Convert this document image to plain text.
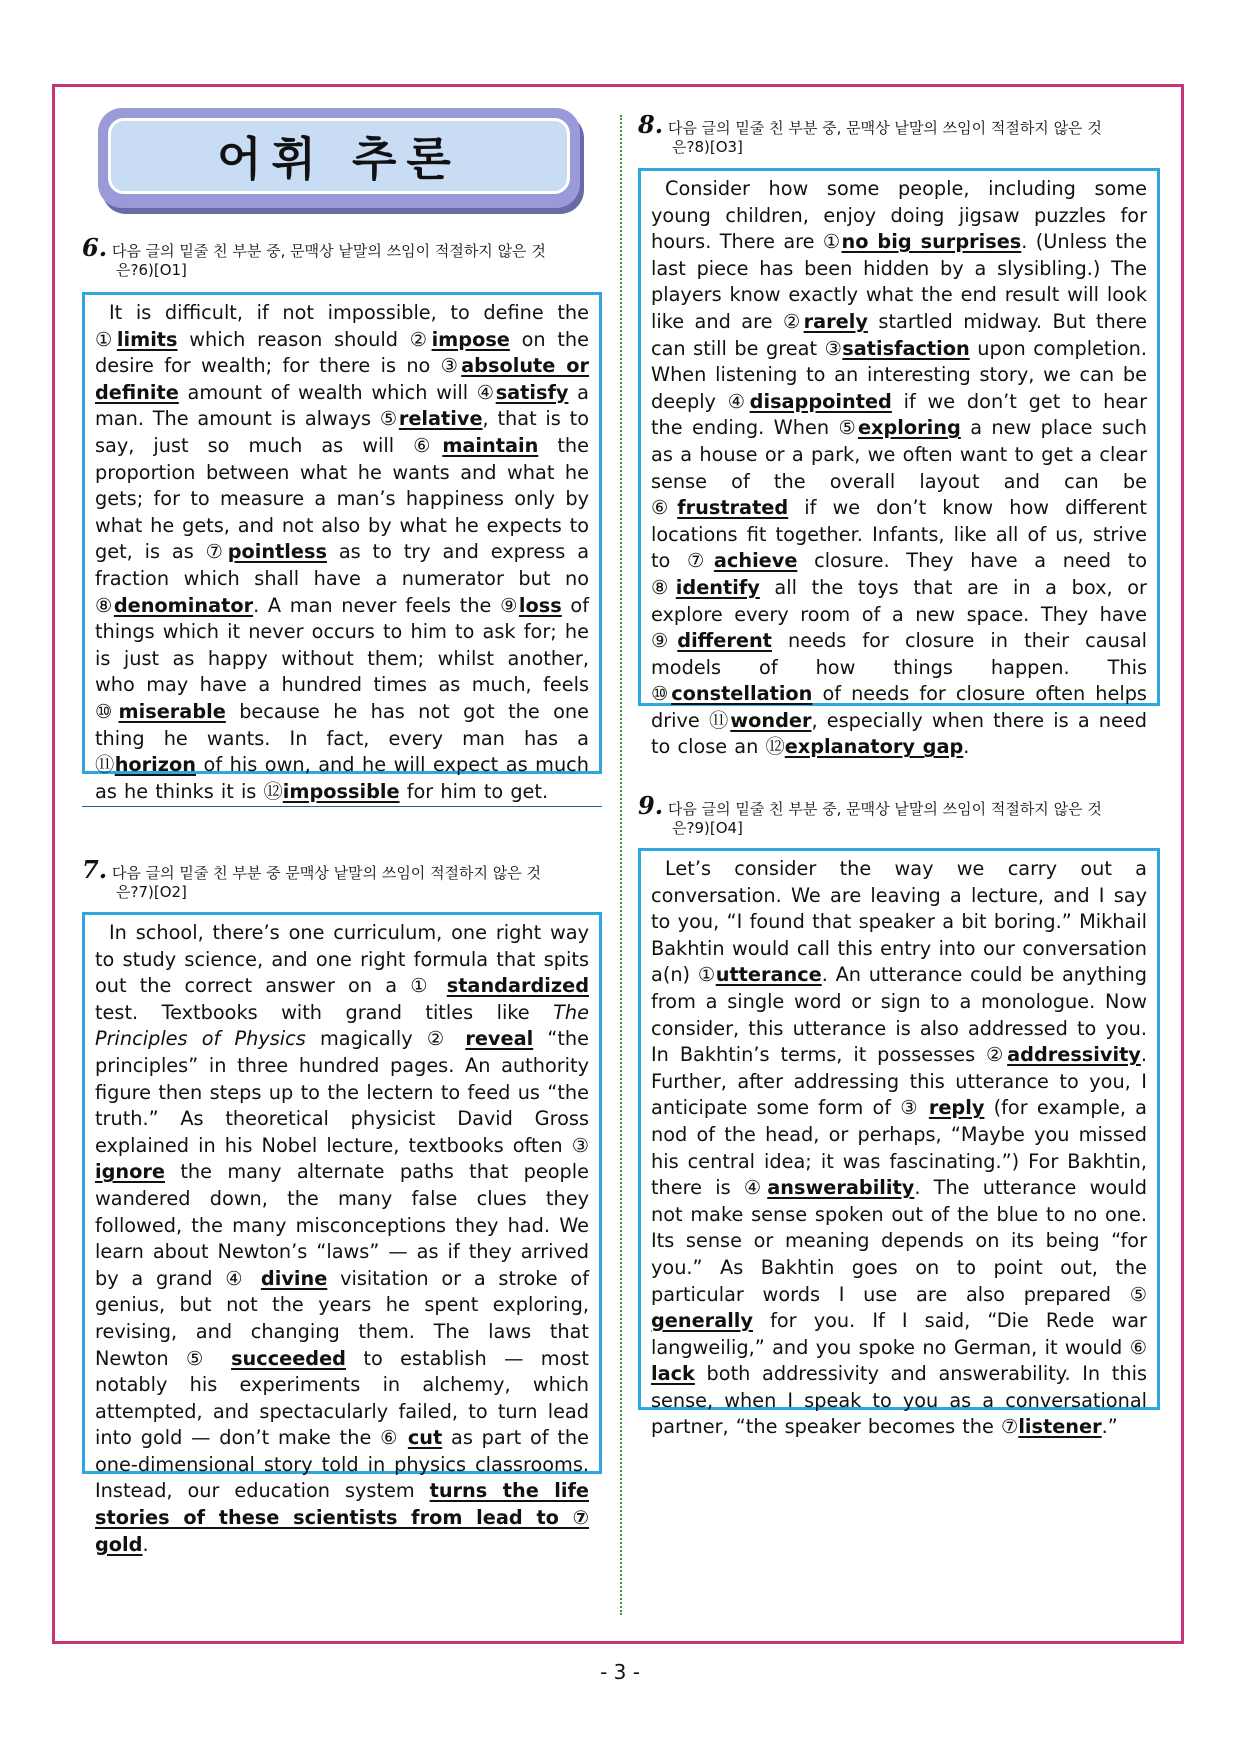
어휘 추론
6. 다음 글의 밑줄 친 부분 중, 문맥상 낱말의 쓰임이 적절하지 않은 것
은?6)[O1]

It is difficult, if not impossible, to define the ①limits which reason should ②impose on the desire for wealth; for there is no ③absolute or definite amount of wealth which will ④satisfy a man. The amount is always ⑤relative, that is to say, just so much as will ⑥maintain the proportion between what he wants and what he gets; for to measure a man’s happiness only by what he gets, and not also by what he expects to get, is as ⑦pointless as to try and express a fraction which shall have a numerator but no ⑧denominator. A man never feels the ⑨loss of things which it never occurs to him to ask for; he is just as happy without them; whilst another, who may have a hundred times as much, feels ⑩miserable because he has not got the one thing he wants. In fact, every man has a ⑪horizon of his own, and he will expect as much as he thinks it is ⑫impossible for him to get.

7. 다음 글의 밑줄 친 부분 중 문맥상 낱말의 쓰임이 적절하지 않은 것
은?7)[O2]

In school, there’s one curriculum, one right way to study science, and one right formula that spits out the correct answer on a ① standardized test. Textbooks with grand titles like The Principles of Physics magically ② reveal “the principles” in three hundred pages. An authority figure then steps up to the lectern to feed us “the truth.” As theoretical physicist David Gross explained in his Nobel lecture, textbooks often ③ ignore the many alternate paths that people wandered down, the many false clues they followed, the many misconceptions they had. We learn about Newton’s “laws” — as if they arrived by a grand ④ divine visitation or a stroke of genius, but not the years he spent exploring, revising, and changing them. The laws that Newton ⑤ succeeded to establish — most notably his experiments in alchemy, which attempted, and spectacularly failed, to turn lead into gold — don’t make the ⑥ cut as part of the one-dimensional story told in physics classrooms. Instead, our education system turns the life stories of these scientists from lead to ⑦ gold.

8. 다음 글의 밑줄 친 부분 중, 문맥상 낱말의 쓰임이 적절하지 않은 것
은?8)[O3]

Consider how some people, including some young children, enjoy doing jigsaw puzzles for hours. There are ①no big surprises. (Unless the last piece has been hidden by a slysibling.) The players know exactly what the end result will look like and are ②rarely startled midway. But there can still be great ③satisfaction upon completion. When listening to an interesting story, we can be deeply ④disappointed if we don’t get to hear the ending. When ⑤exploring a new place such as a house or a park, we often want to get a clear sense of the overall layout and can be ⑥frustrated if we don’t know how different locations fit together. Infants, like all of us, strive to ⑦achieve closure. They have a need to ⑧identify all the toys that are in a box, or explore every room of a new space. They have ⑨different needs for closure in their causal models of how things happen. This ⑩constellation of needs for closure often helps drive ⑪wonder, especially when there is a need to close an ⑫explanatory gap.

9. 다음 글의 밑줄 친 부분 중, 문맥상 낱말의 쓰임이 적절하지 않은 것
은?9)[O4]

Let’s consider the way we carry out a conversation. We are leaving a lecture, and I say to you, “I found that speaker a bit boring.” Mikhail Bakhtin would call this entry into our conversation a(n) ①utterance. An utterance could be anything from a single word or sign to a monologue. Now consider, this utterance is also addressed to you. In Bakhtin’s terms, it possesses ②addressivity. Further, after addressing this utterance to you, I anticipate some form of ③ reply (for example, a nod of the head, or perhaps, “Maybe you missed his central idea; it was fascinating.”) For Bakhtin, there is ④answerability. The utterance would not make sense spoken out of the blue to no one. Its sense or meaning depends on its being “for you.” As Bakhtin goes on to point out, the particular words I use are also prepared ⑤ generally for you. If I said, “Die Rede war langweilig,” and you spoke no German, it would ⑥ lack both addressivity and answerability. In this sense, when I speak to you as a conversational partner, “the speaker becomes the ⑦listener.”

- 3 -
